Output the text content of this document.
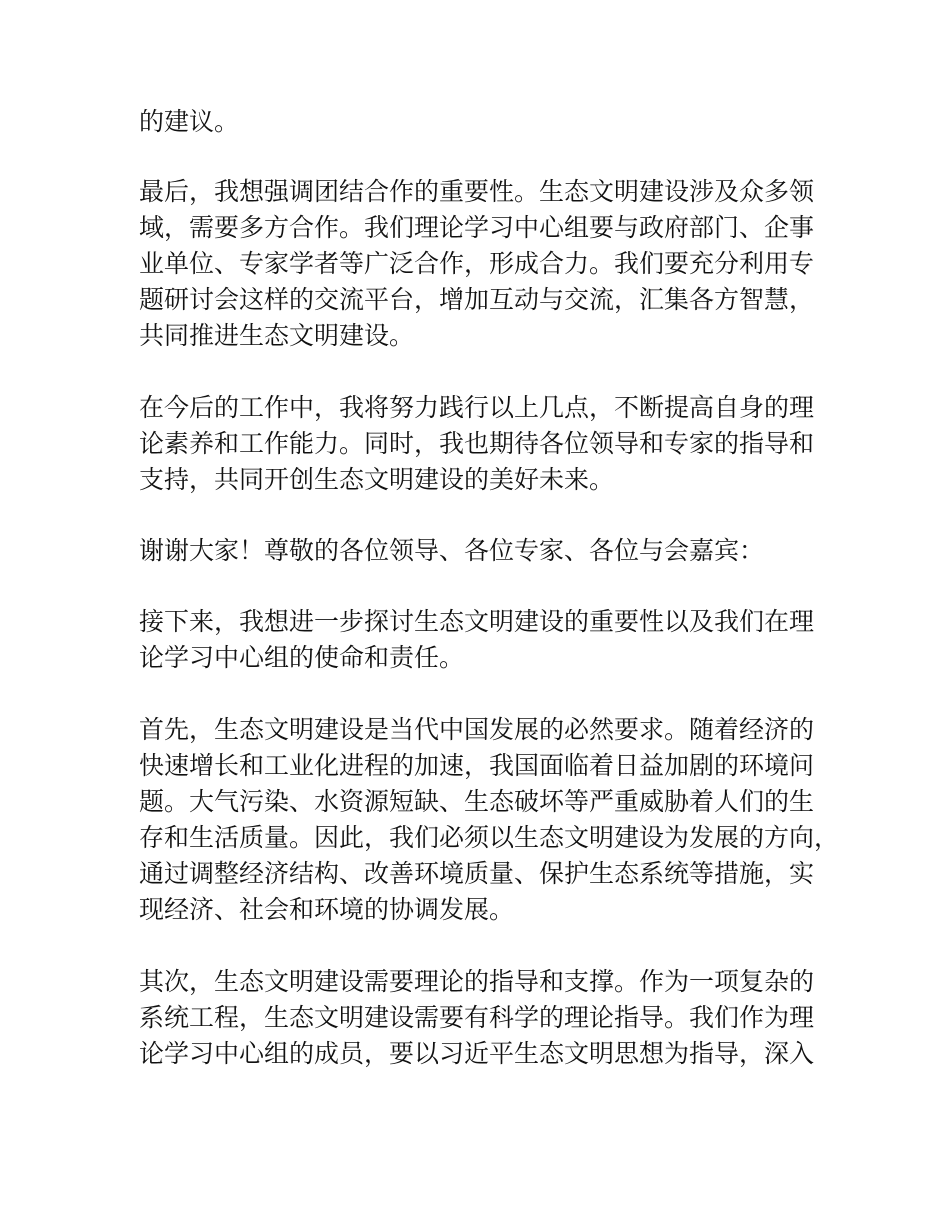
的建议。
最后，我想强调团结合作的重要性。生态文明建设涉及众多领
域，需要多方合作。我们理论学习中心组要与政府部门、企事
业单位、专家学者等广泛合作，形成合力。我们要充分利用专
题研讨会这样的交流平台，增加互动与交流，汇集各方智慧，
共同推进生态文明建设。
在今后的工作中，我将努力践行以上几点，不断提高自身的理
论素养和工作能力。同时，我也期待各位领导和专家的指导和
支持，共同开创生态文明建设的美好未来。
谢谢大家！尊敬的各位领导、各位专家、各位与会嘉宾：
接下来，我想进一步探讨生态文明建设的重要性以及我们在理
论学习中心组的使命和责任。
首先，生态文明建设是当代中国发展的必然要求。随着经济的
快速增长和工业化进程的加速，我国面临着日益加剧的环境问
题。大气污染、水资源短缺、生态破坏等严重威胁着人们的生
存和生活质量。因此，我们必须以生态文明建设为发展的方向，
通过调整经济结构、改善环境质量、保护生态系统等措施，实
现经济、社会和环境的协调发展。
其次，生态文明建设需要理论的指导和支撑。作为一项复杂的
系统工程，生态文明建设需要有科学的理论指导。我们作为理
论学习中心组的成员，要以习近平生态文明思想为指导，深入
